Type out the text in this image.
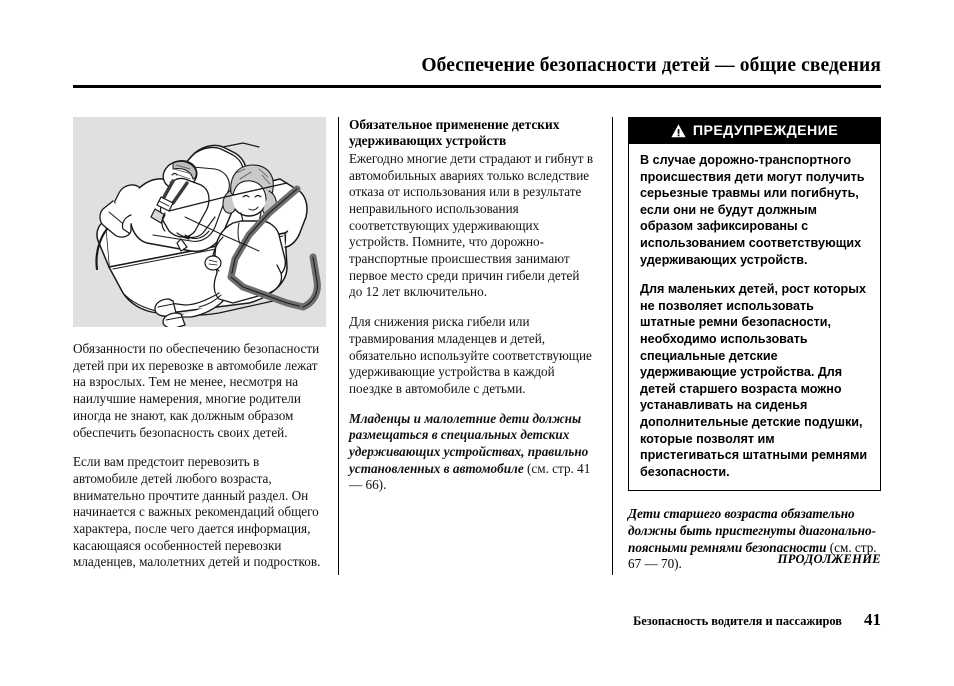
Обеспечение безопасности детей — общие сведения

Обязанности по обеспечению безопасности детей при их перевозке в автомобиле лежат на взрослых. Тем не менее, несмотря на наилучшие намерения, многие родители иногда не знают, как должным образом обеспечить безопасность своих детей.

Если вам предстоит перевозить в автомобиле детей любого возраста, внимательно прочтите данный раздел. Он начинается с важных рекомендаций общего характера, после чего дается информация, касающаяся особенностей перевозки младенцев, малолетних детей и подростков.

Обязательное применение детских удерживающих устройств

Ежегодно многие дети страдают и гибнут в автомобильных авариях только вследствие отказа от использования или в результате неправильного использования соответствующих удерживающих устройств. Помните, что дорожно-транспортные происшествия занимают первое место среди причин гибели детей до 12 лет включительно.

Для снижения риска гибели или травмирования младенцев и детей, обязательно используйте соответствующие удерживающие устройства в каждой поездке в автомобиле с детьми.

Младенцы и малолетние дети должны размещаться в специальных детских удерживающих устройствах, правильно установленных в автомобиле (см. стр. 41 — 66).

ПРЕДУПРЕЖДЕНИЕ

В случае дорожно-транспортного происшествия дети могут получить серьезные травмы или погибнуть, если они не будут должным образом зафиксированы с использованием соответствующих удерживающих устройств.

Для маленьких детей, рост которых не позволяет использовать штатные ремни безопасности, необходимо использовать специальные детские удерживающие устройства. Для детей старшего возраста можно устанавливать на сиденья дополнительные детские подушки, которые позволят им пристегиваться штатными ремнями безопасности.

Дети старшего возраста обязательно должны быть пристегнуты диагонально-поясными ремнями безопасности (см. стр. 67 — 70).	ПРОДОЛЖЕНИЕ
Безопасность водителя и пассажиров 41
